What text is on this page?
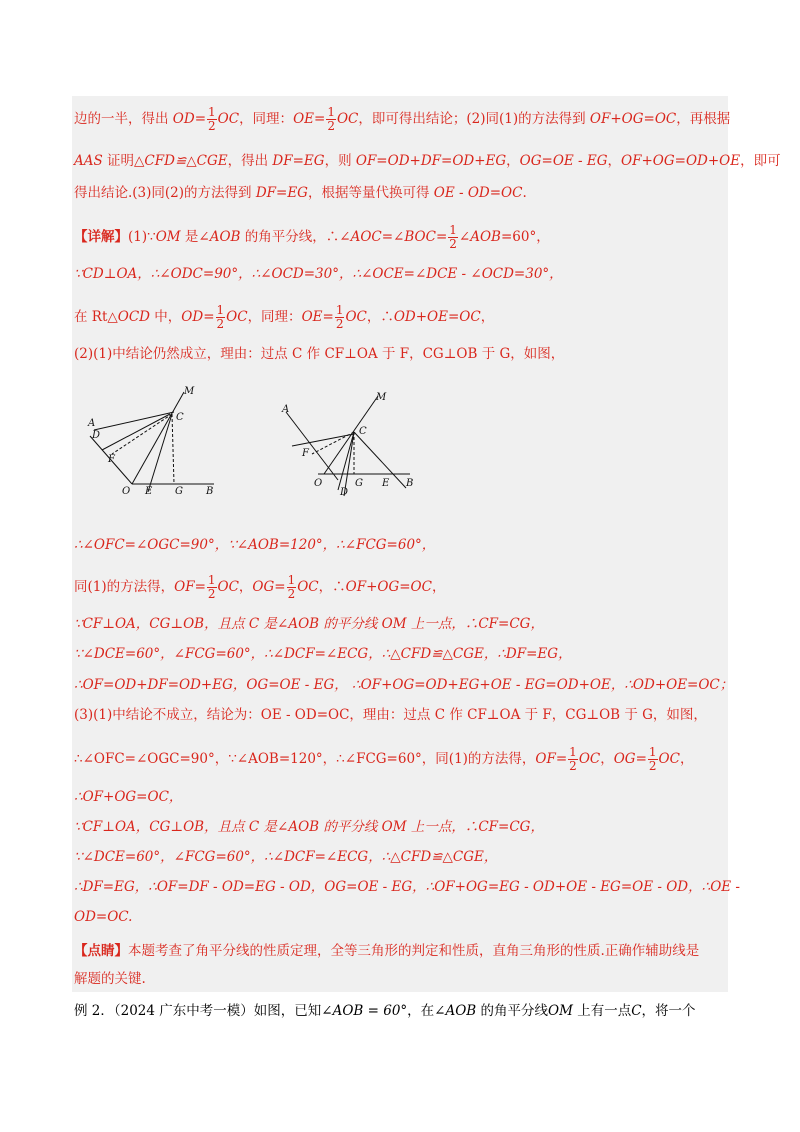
边的一半，得出 $OD= \frac{1}{2}$ OC，同理：$OE= \frac{1}{2}$ OC，即可得出结论；(2)同(1)的方法得到 OF+OG=OC，再根据
AAS 证明△CFD≌△CGE，得出 DF=EG，则 OF=OD+DF=OD+EG，OG=OE - EG，OF+OG=OD+OE，即可
得出结论.(3)同(2)的方法得到 DF=EG，根据等量代换可得 OE - OD=OC.
【详解】(1)∵OM 是∠AOB 的角平分线，∴∠AOC=∠BOC= $\frac{1}{2}$ ∠AOB=60°，
∵CD⊥OA，∴∠ODC=90°，∴∠OCD=30°，∴∠OCE=∠DCE - ∠OCD=30°，
在 Rt△OCD 中，$OD= \frac{1}{2}$ OC，同理：$OE= \frac{1}{2}$ OC，∴OD+OE=OC，
(2)(1)中结论仍然成立，理由：过点 C 作 CF⊥OA 于 F，CG⊥OB 于 G，如图，
M
A
C
D
F
O E G B
M
A
C
F
O
D
G E B
∴∠OFC=∠OGC=90°，∵∠AOB=120°，∴∠FCG=60°，
同(1)的方法得，$OF= \frac{1}{2}$ OC，$OG= \frac{1}{2}$ OC，∴OF+OG=OC，
∵CF⊥OA，CG⊥OB，且点 C 是∠AOB 的平分线 OM 上一点，∴CF=CG，
∵∠DCE=60°，∠FCG=60°，∴∠DCF=∠ECG，∴△CFD≌△CGE，∴DF=EG，
∴OF=OD+DF=OD+EG，OG=OE - EG， ∴OF+OG=OD+EG+OE - EG=OD+OE，∴OD+OE=OC；
(3)(1)中结论不成立，结论为：OE - OD=OC，理由：过点 C 作 CF⊥OA 于 F，CG⊥OB 于 G，如图，
∴∠OFC=∠OGC=90°，∵∠AOB=120°，∴∠FCG=60°，同(1)的方法得，$OF= \frac{1}{2}$ OC，$OG= \frac{1}{2}$ OC，
∴OF+OG=OC，
∵CF⊥OA，CG⊥OB，且点 C 是∠AOB 的平分线 OM 上一点，∴CF=CG，
∵∠DCE=60°，∠FCG=60°，∴∠DCF=∠ECG，∴△CFD≌△CGE，
∴DF=EG，∴OF=DF - OD=EG - OD，OG=OE - EG，∴OF+OG=EG - OD+OE - EG=OE - OD，∴OE -
OD=OC.
【点睛】本题考查了角平分线的性质定理，全等三角形的判定和性质，直角三角形的性质.正确作辅助线是
解题的关键.
例 2．（2024 广东中考一模）如图，已知∠AOB = 60°，在∠AOB 的角平分线OM 上有一点C，将一个
